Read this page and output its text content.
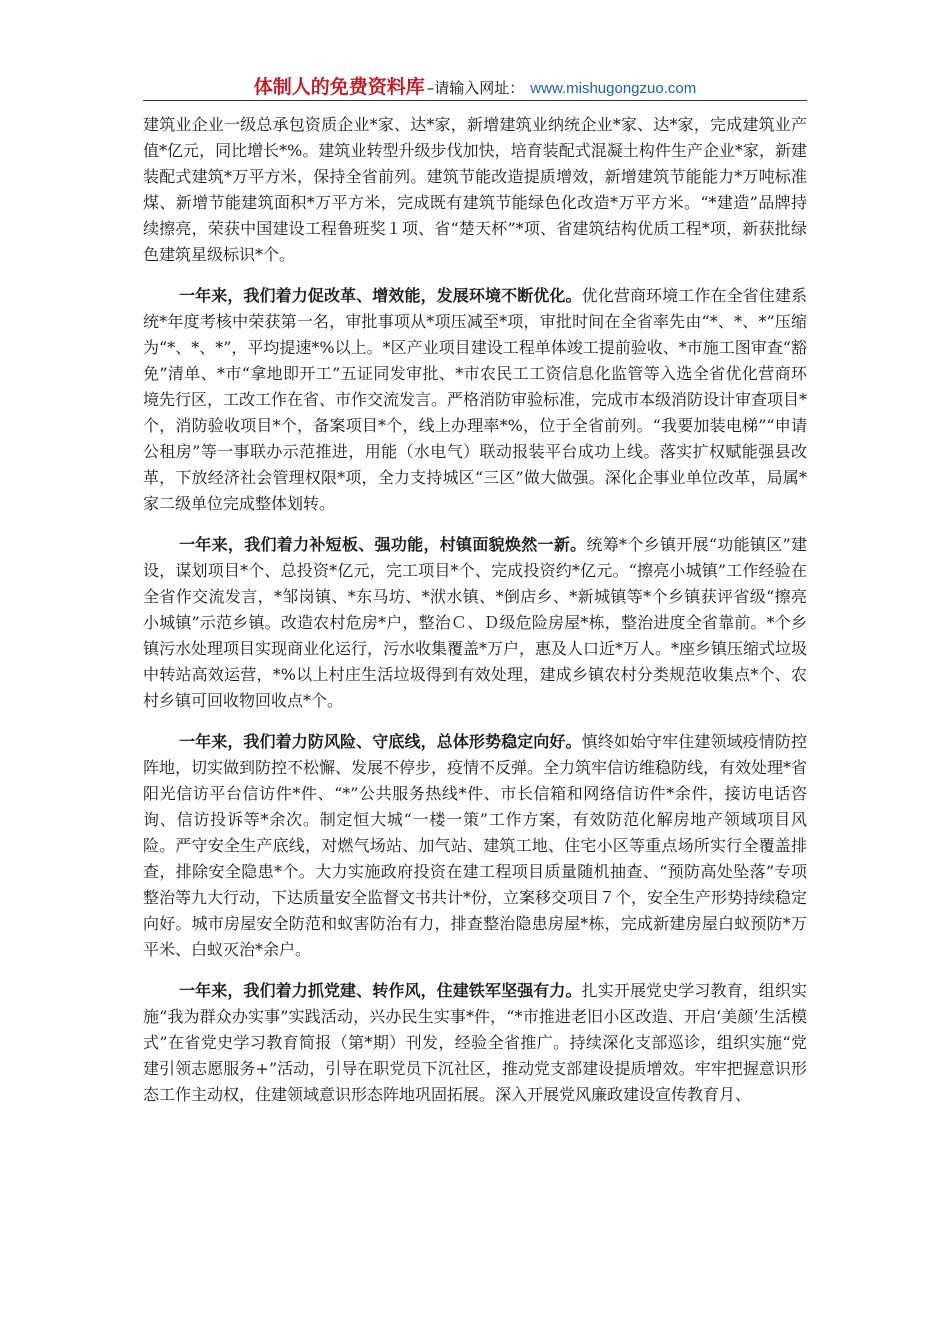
体制人的免费资料库 –请输入网址： www.mishugongzuo.com

建筑业企业一级总承包资质企业*家、达*家，新增建筑业纳统企业*家、达*家，完成建筑业产值*亿元，同比增长*%。建筑业转型升级步伐加快，培育装配式混凝土构件生产企业*家，新建装配式建筑*万平方米，保持全省前列。建筑节能改造提质增效，新增建筑节能能力*万吨标准煤、新增节能建筑面积*万平方米，完成既有建筑节能绿色化改造*万平方米。“*建造”品牌持续擦亮，荣获中国建设工程鲁班奖１项、省“楚天杯”*项、省建筑结构优质工程*项，新获批绿色建筑星级标识*个。

一年来，我们着力促改革、增效能，发展环境不断优化。优化营商环境工作在全省住建系统*年度考核中荣获第一名，审批事项从*项压减至*项，审批时间在全省率先由“*、*、*”压缩为“*、*、*”，平均提速*%以上。*区产业项目建设工程单体竣工提前验收、*市施工图审查“豁免”清单、*市“拿地即开工”五证同发审批、*市农民工工资信息化监管等入选全省优化营商环境先行区，工改工作在省、市作交流发言。严格消防审验标准，完成市本级消防设计审查项目*个，消防验收项目*个，备案项目*个，线上办理率*%，位于全省前列。“我要加装电梯”“申请公租房”等一事联办示范推进，用能（水电气）联动报装平台成功上线。落实扩权赋能强县改革，下放经济社会管理权限*项，全力支持城区“三区”做大做强。深化企事业单位改革，局属*家二级单位完成整体划转。

一年来，我们着力补短板、强功能，村镇面貌焕然一新。统筹*个乡镇开展“功能镇区”建设，谋划项目*个、总投资*亿元，完工项目*个、完成投资约*亿元。“擦亮小城镇”工作经验在全省作交流发言，*邹岗镇、*东马坊、*洑水镇、*倒店乡、*新城镇等*个乡镇获评省级“擦亮小城镇”示范乡镇。改造农村危房*户，整治Ｃ、Ｄ级危险房屋*栋，整治进度全省靠前。*个乡镇污水处理项目实现商业化运行，污水收集覆盖*万户，惠及人口近*万人。*座乡镇压缩式垃圾中转站高效运营，*%以上村庄生活垃圾得到有效处理，建成乡镇农村分类规范收集点*个、农村乡镇可回收物回收点*个。

一年来，我们着力防风险、守底线，总体形势稳定向好。慎终如始守牢住建领域疫情防控阵地，切实做到防控不松懈、发展不停步，疫情不反弹。全力筑牢信访维稳防线，有效处理*省阳光信访平台信访件*件、“*”公共服务热线*件、市长信箱和网络信访件*余件，接访电话咨询、信访投诉等*余次。制定恒大城“一楼一策”工作方案，有效防范化解房地产领域项目风险。严守安全生产底线，对燃气场站、加气站、建筑工地、住宅小区等重点场所实行全覆盖排查，排除安全隐患*个。大力实施政府投资在建工程项目质量随机抽查、“预防高处坠落”专项整治等九大行动，下达质量安全监督文书共计*份，立案移交项目７个，安全生产形势持续稳定向好。城市房屋安全防范和蚁害防治有力，排查整治隐患房屋*栋，完成新建房屋白蚁预防*万平米、白蚁灭治*余户。

一年来，我们着力抓党建、转作风，住建铁军坚强有力。扎实开展党史学习教育，组织实施“我为群众办实事”实践活动，兴办民生实事*件，“*市推进老旧小区改造、开启‘美颜’生活模式”在省党史学习教育简报（第*期）刊发，经验全省推广。持续深化支部巡诊，组织实施“党建引领志愿服务+”活动，引导在职党员下沉社区，推动党支部建设提质增效。牢牢把握意识形态工作主动权，住建领域意识形态阵地巩固拓展。深入开展党风廉政建设宣传教育月、
